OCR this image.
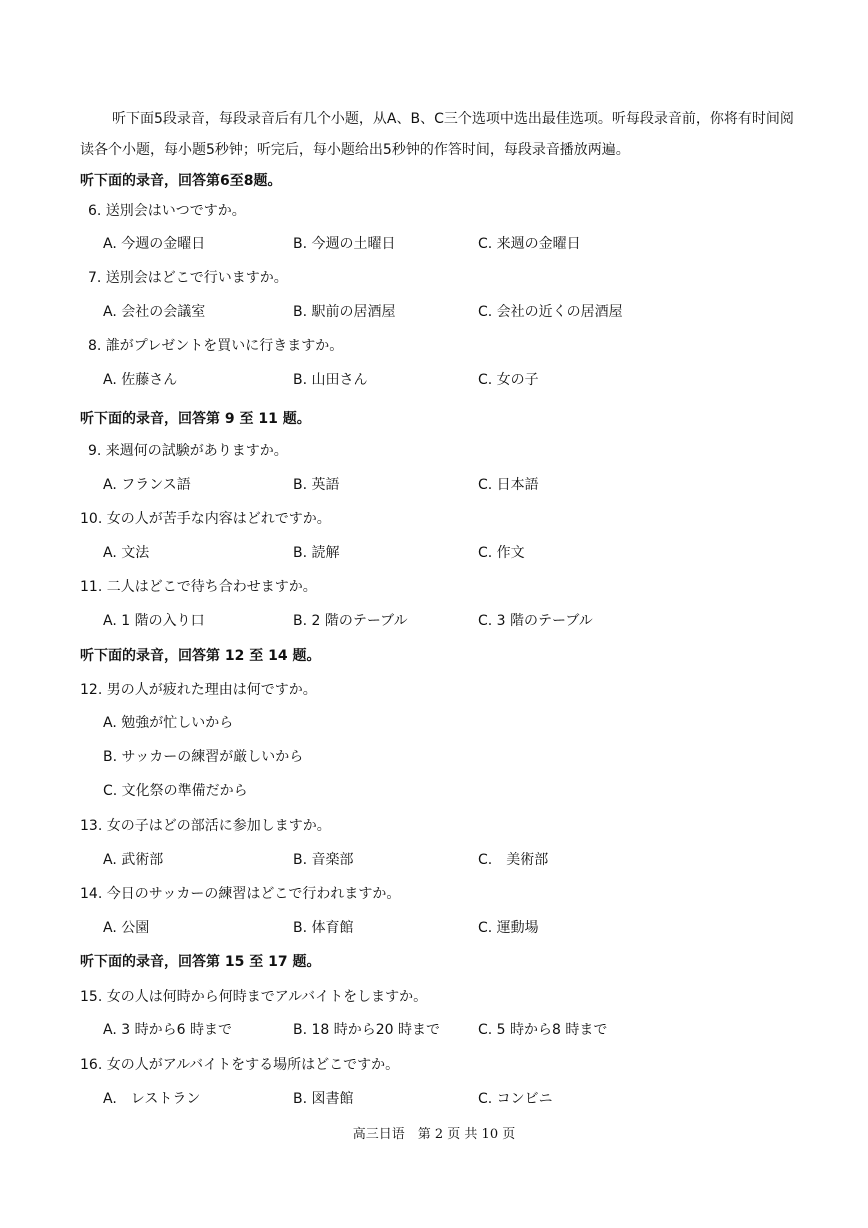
听下面5段录音，每段录音后有几个小题，从A、B、C三个选项中选出最佳选项。听每段录音前，你将有时间阅读各个小题，每小题5秒钟；听完后，每小题给出5秒钟的作答时间，每段录音播放两遍。

听下面的录音，回答第6至8题。
6. 送別会はいつですか。
A. 今週の金曜日	B. 今週の土曜日	C. 来週の金曜日
7. 送別会はどこで行いますか。
A. 会社の会議室	B. 駅前の居酒屋	C. 会社の近くの居酒屋
8. 誰がプレゼントを買いに行きますか。
A. 佐藤さん	B. 山田さん	C. 女の子
听下面的录音，回答第 9 至 11 题。
9. 来週何の試験がありますか。
A. フランス語	B. 英語	C. 日本語
10. 女の人が苦手な内容はどれですか。
A. 文法	B. 読解	C. 作文
11. 二人はどこで待ち合わせますか。
A. 1 階の入り口	B. 2 階のテーブル	C. 3 階のテーブル
听下面的录音，回答第 12 至 14 题。
12. 男の人が疲れた理由は何ですか。
A. 勉強が忙しいから
B. サッカーの練習が厳しいから
C. 文化祭の準備だから
13. 女の子はどの部活に参加しますか。
A. 武術部	B. 音楽部	C.　美術部
14. 今日のサッカーの練習はどこで行われますか。
A. 公園	B. 体育館	C. 運動場
听下面的录音，回答第 15 至 17 题。
15. 女の人は何時から何時までアルバイトをしますか。
A. 3 時から6 時まで	B. 18 時から20 時まで	C. 5 時から8 時まで
16. 女の人がアルバイトをする場所はどこですか。
A.　レストラン	B. 図書館	C. コンビニ
高三日语　第 2 页 共 10 页
